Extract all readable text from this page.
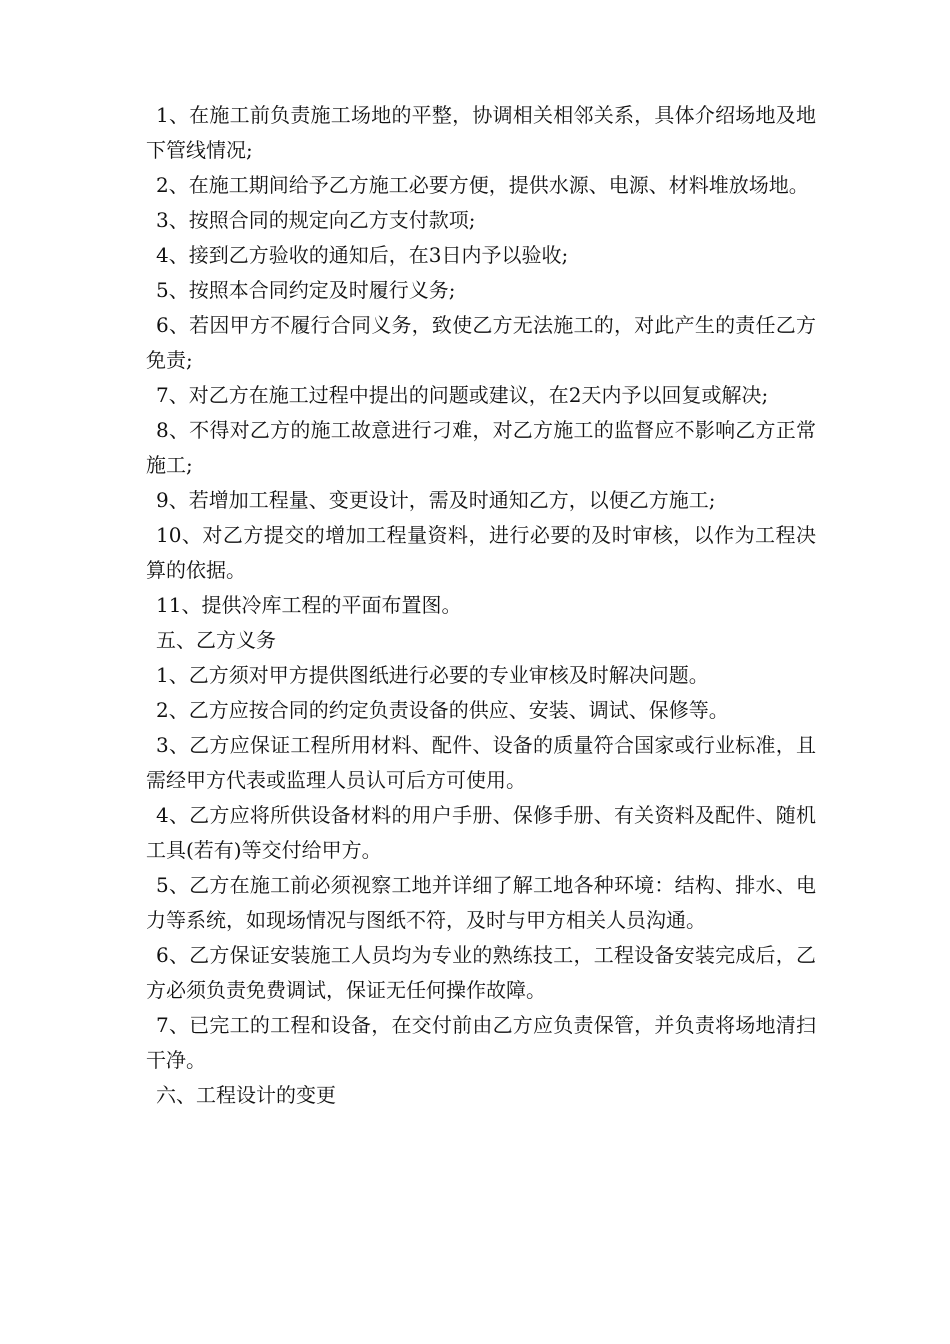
1、在施工前负责施工场地的平整，协调相关相邻关系，具体介绍场地及地下管线情况;

2、在施工期间给予乙方施工必要方便，提供水源、电源、材料堆放场地。

3、按照合同的规定向乙方支付款项;

4、接到乙方验收的通知后，在3日内予以验收;

5、按照本合同约定及时履行义务;

6、若因甲方不履行合同义务，致使乙方无法施工的，对此产生的责任乙方免责;

7、对乙方在施工过程中提出的问题或建议，在2天内予以回复或解决;

8、不得对乙方的施工故意进行刁难，对乙方施工的监督应不影响乙方正常施工;

9、若增加工程量、变更设计，需及时通知乙方，以便乙方施工;

10、对乙方提交的增加工程量资料，进行必要的及时审核，以作为工程决算的依据。

11、提供冷库工程的平面布置图。

五、乙方义务

1、乙方须对甲方提供图纸进行必要的专业审核及时解决问题。

2、乙方应按合同的约定负责设备的供应、安装、调试、保修等。

3、乙方应保证工程所用材料、配件、设备的质量符合国家或行业标准，且需经甲方代表或监理人员认可后方可使用。

4、乙方应将所供设备材料的用户手册、保修手册、有关资料及配件、随机工具(若有)等交付给甲方。

5、乙方在施工前必须视察工地并详细了解工地各种环境：结构、排水、电力等系统，如现场情况与图纸不符，及时与甲方相关人员沟通。

6、乙方保证安装施工人员均为专业的熟练技工，工程设备安装完成后，乙方必须负责免费调试，保证无任何操作故障。

7、已完工的工程和设备，在交付前由乙方应负责保管，并负责将场地清扫干净。

六、工程设计的变更
